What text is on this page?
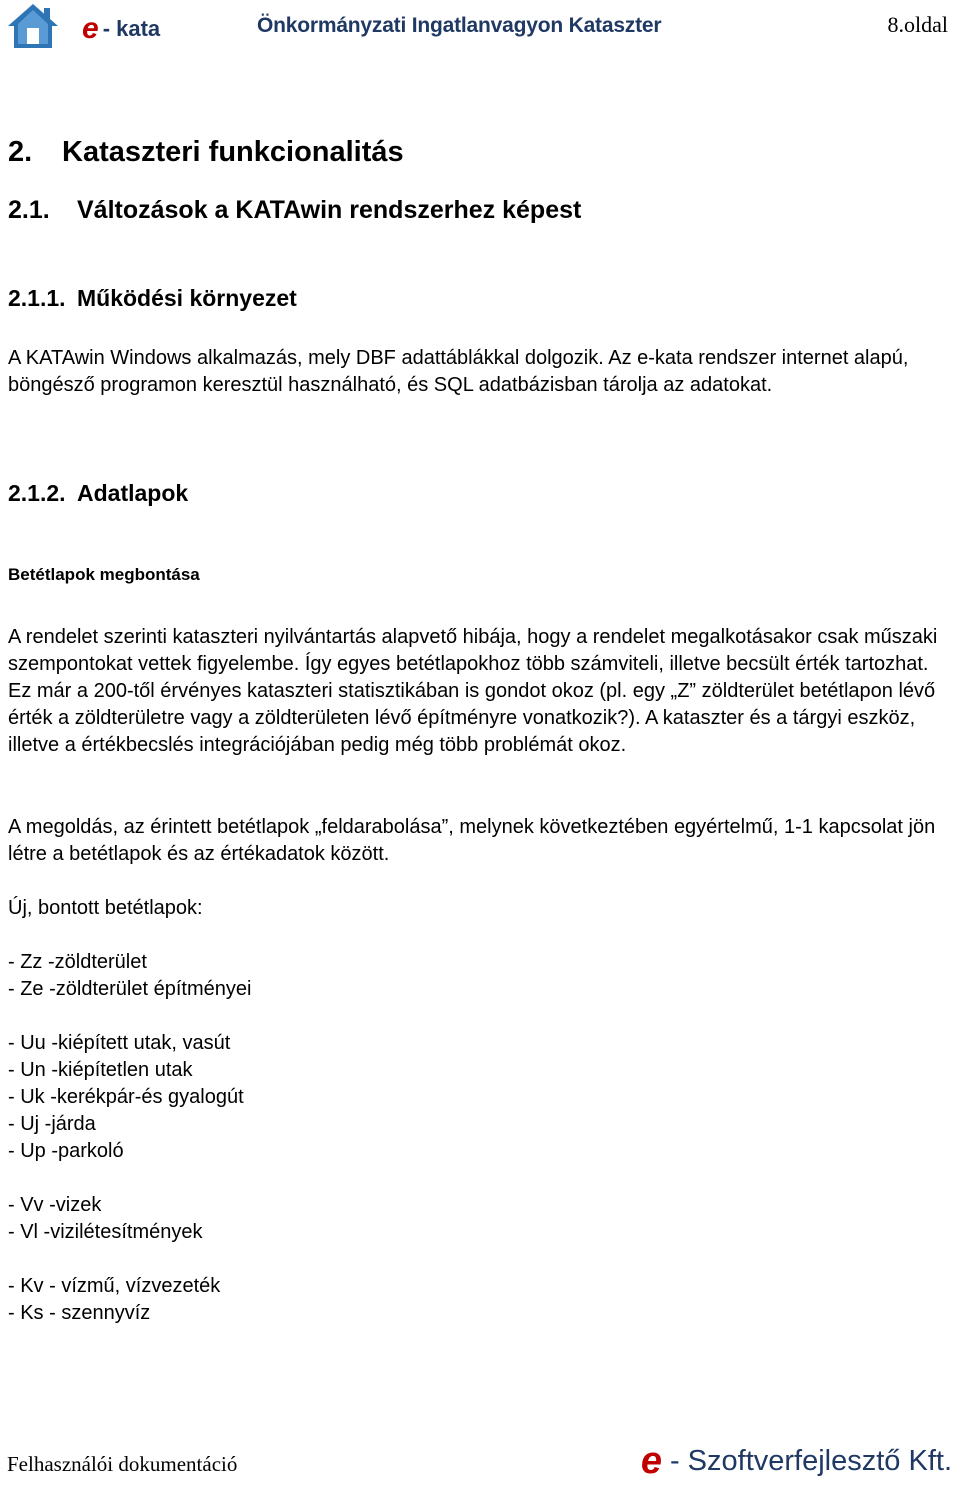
e - kata	Önkormányzati Ingatlanvagyon Kataszter	8.oldal
2. Kataszteri funkcionalitás
2.1. Változások a KATAwin rendszerhez képest
2.1.1. Működési környezet
A KATAwin Windows alkalmazás, mely DBF adattáblákkal dolgozik. Az e-kata rendszer internet alapú, böngésző programon keresztül használható, és SQL adatbázisban tárolja az adatokat.
2.1.2. Adatlapok
Betétlapok megbontása
A rendelet szerinti kataszteri nyilvántartás alapvető hibája, hogy a rendelet megalkotásakor csak műszaki szempontokat vettek figyelembe. Így egyes betétlapokhoz több számviteli, illetve becsült érték tartozhat. Ez már a 200-től érvényes kataszteri statisztikában is gondot okoz (pl. egy „Z” zöldterület betétlapon lévő érték a zöldterületre vagy a zöldterületen lévő építményre vonatkozik?). A kataszter és a tárgyi eszköz, illetve a értékbecslés integrációjában pedig még több problémát okoz.
A megoldás, az érintett betétlapok „feldarabolása”, melynek következtében egyértelmű, 1-1 kapcsolat jön létre a betétlapok és az értékadatok között.
Új, bontott betétlapok:
- Zz -zöldterület
- Ze -zöldterület építményei
- Uu -kiépített utak, vasút
- Un -kiépítetlen utak
- Uk -kerékpár-és gyalogút
- Uj -járda
- Up -parkoló
- Vv -vizek
- Vl -vizilétesítmények
- Kv - vízmű, vízvezeték
- Ks - szennyvíz
Felhasználói dokumentáció	e - Szoftverfejlesztő Kft.
